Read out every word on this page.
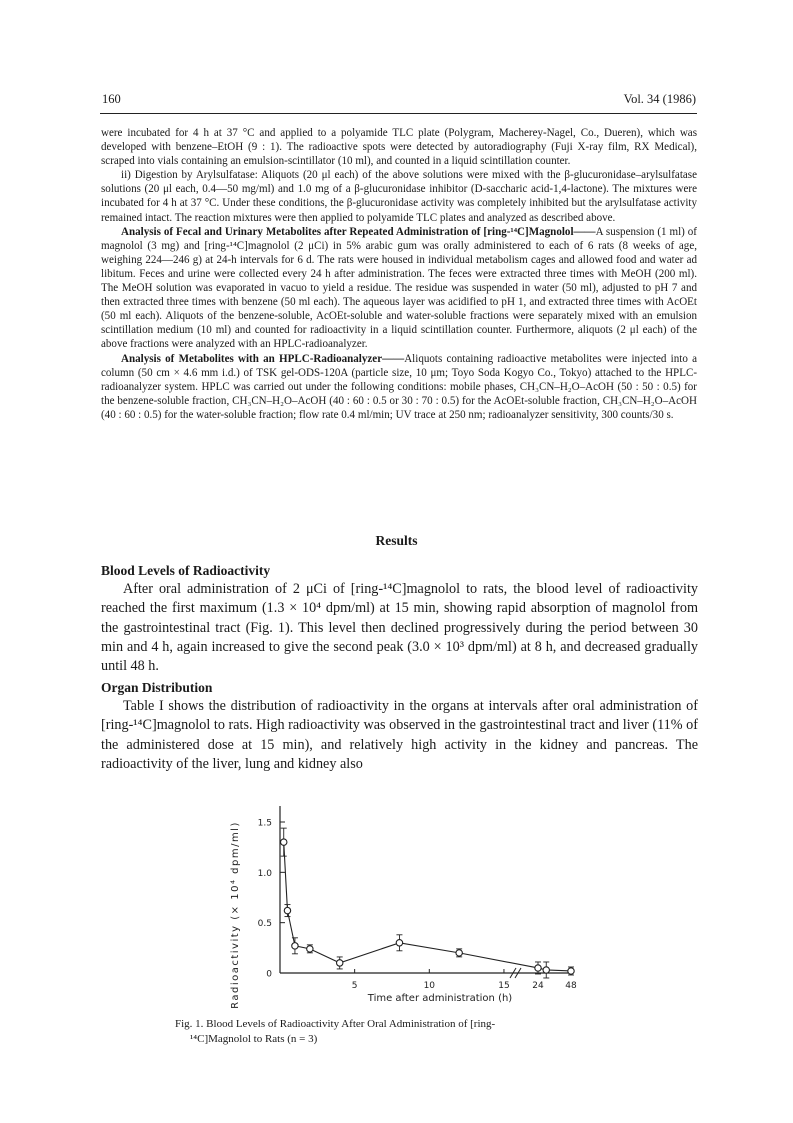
160	Vol. 34 (1986)

were incubated for 4 h at 37 °C and applied to a polyamide TLC plate (Polygram, Macherey-Nagel, Co., Dueren), which was developed with benzene–EtOH (9 : 1). The radioactive spots were detected by autoradiography (Fuji X-ray film, RX Medical), scraped into vials containing an emulsion-scintillator (10 ml), and counted in a liquid scintillation counter.

ii) Digestion by Arylsulfatase: Aliquots (20 μl each) of the above solutions were mixed with the β-glucuronidase–arylsulfatase solutions (20 μl each, 0.4—50 mg/ml) and 1.0 mg of a β-glucuronidase inhibitor (D-saccharic acid-1,4-lactone). The mixtures were incubated for 4 h at 37 °C. Under these conditions, the β-glucuronidase activity was completely inhibited but the arylsulfatase activity remained intact. The reaction mixtures were then applied to polyamide TLC plates and analyzed as described above.

Analysis of Fecal and Urinary Metabolites after Repeated Administration of [ring-¹⁴C]Magnolol——A suspension (1 ml) of magnolol (3 mg) and [ring-¹⁴C]magnolol (2 μCi) in 5% arabic gum was orally administered to each of 6 rats (8 weeks of age, weighing 224—246 g) at 24-h intervals for 6 d. The rats were housed in individual metabolism cages and allowed food and water ad libitum. Feces and urine were collected every 24 h after administration. The feces were extracted three times with MeOH (200 ml). The MeOH solution was evaporated in vacuo to yield a residue. The residue was suspended in water (50 ml), adjusted to pH 7 and then extracted three times with benzene (50 ml each). The aqueous layer was acidified to pH 1, and extracted three times with AcOEt (50 ml each). Aliquots of the benzene-soluble, AcOEt-soluble and water-soluble fractions were separately mixed with an emulsion scintillation medium (10 ml) and counted for radioactivity in a liquid scintillation counter. Furthermore, aliquots (2 μl each) of the above fractions were analyzed with an HPLC-radioanalyzer.

Analysis of Metabolites with an HPLC-Radioanalyzer——Aliquots containing radioactive metabolites were injected into a column (50 cm × 4.6 mm i.d.) of TSK gel-ODS-120A (particle size, 10 μm; Toyo Soda Kogyo Co., Tokyo) attached to the HPLC-radioanalyzer system. HPLC was carried out under the following conditions: mobile phases, CH₃CN–H₂O–AcOH (50 : 50 : 0.5) for the benzene-soluble fraction, CH₃CN–H₂O–AcOH (40 : 60 : 0.5 or 30 : 70 : 0.5) for the AcOEt-soluble fraction, CH₃CN–H₂O–AcOH (40 : 60 : 0.5) for the water-soluble fraction; flow rate 0.4 ml/min; UV trace at 250 nm; radioanalyzer sensitivity, 300 counts/30 s.

Results
Blood Levels of Radioactivity

After oral administration of 2 μCi of [ring-¹⁴C]magnolol to rats, the blood level of radioactivity reached the first maximum (1.3 × 10⁴ dpm/ml) at 15 min, showing rapid absorption of magnolol from the gastrointestinal tract (Fig. 1). This level then declined progressively during the period between 30 min and 4 h, again increased to give the second peak (3.0 × 10³ dpm/ml) at 8 h, and decreased gradually until 48 h.

Organ Distribution

Table I shows the distribution of radioactivity in the organs at intervals after oral administration of [ring-¹⁴C]magnolol to rats. High radioactivity was observed in the gastrointestinal tract and liver (11% of the administered dose at 15 min), and relatively high activity in the kidney and pancreas. The radioactivity of the liver, lung and kidney also

0
0.5
1.0
1.5
5	10	15	24 48
Radioactivity (× 10⁴ dpm/ml)	Time after administration (h)
Fig. 1. Blood Levels of Radioactivity After Oral Administration of [ring-
¹⁴C]Magnolol to Rats (n = 3)
